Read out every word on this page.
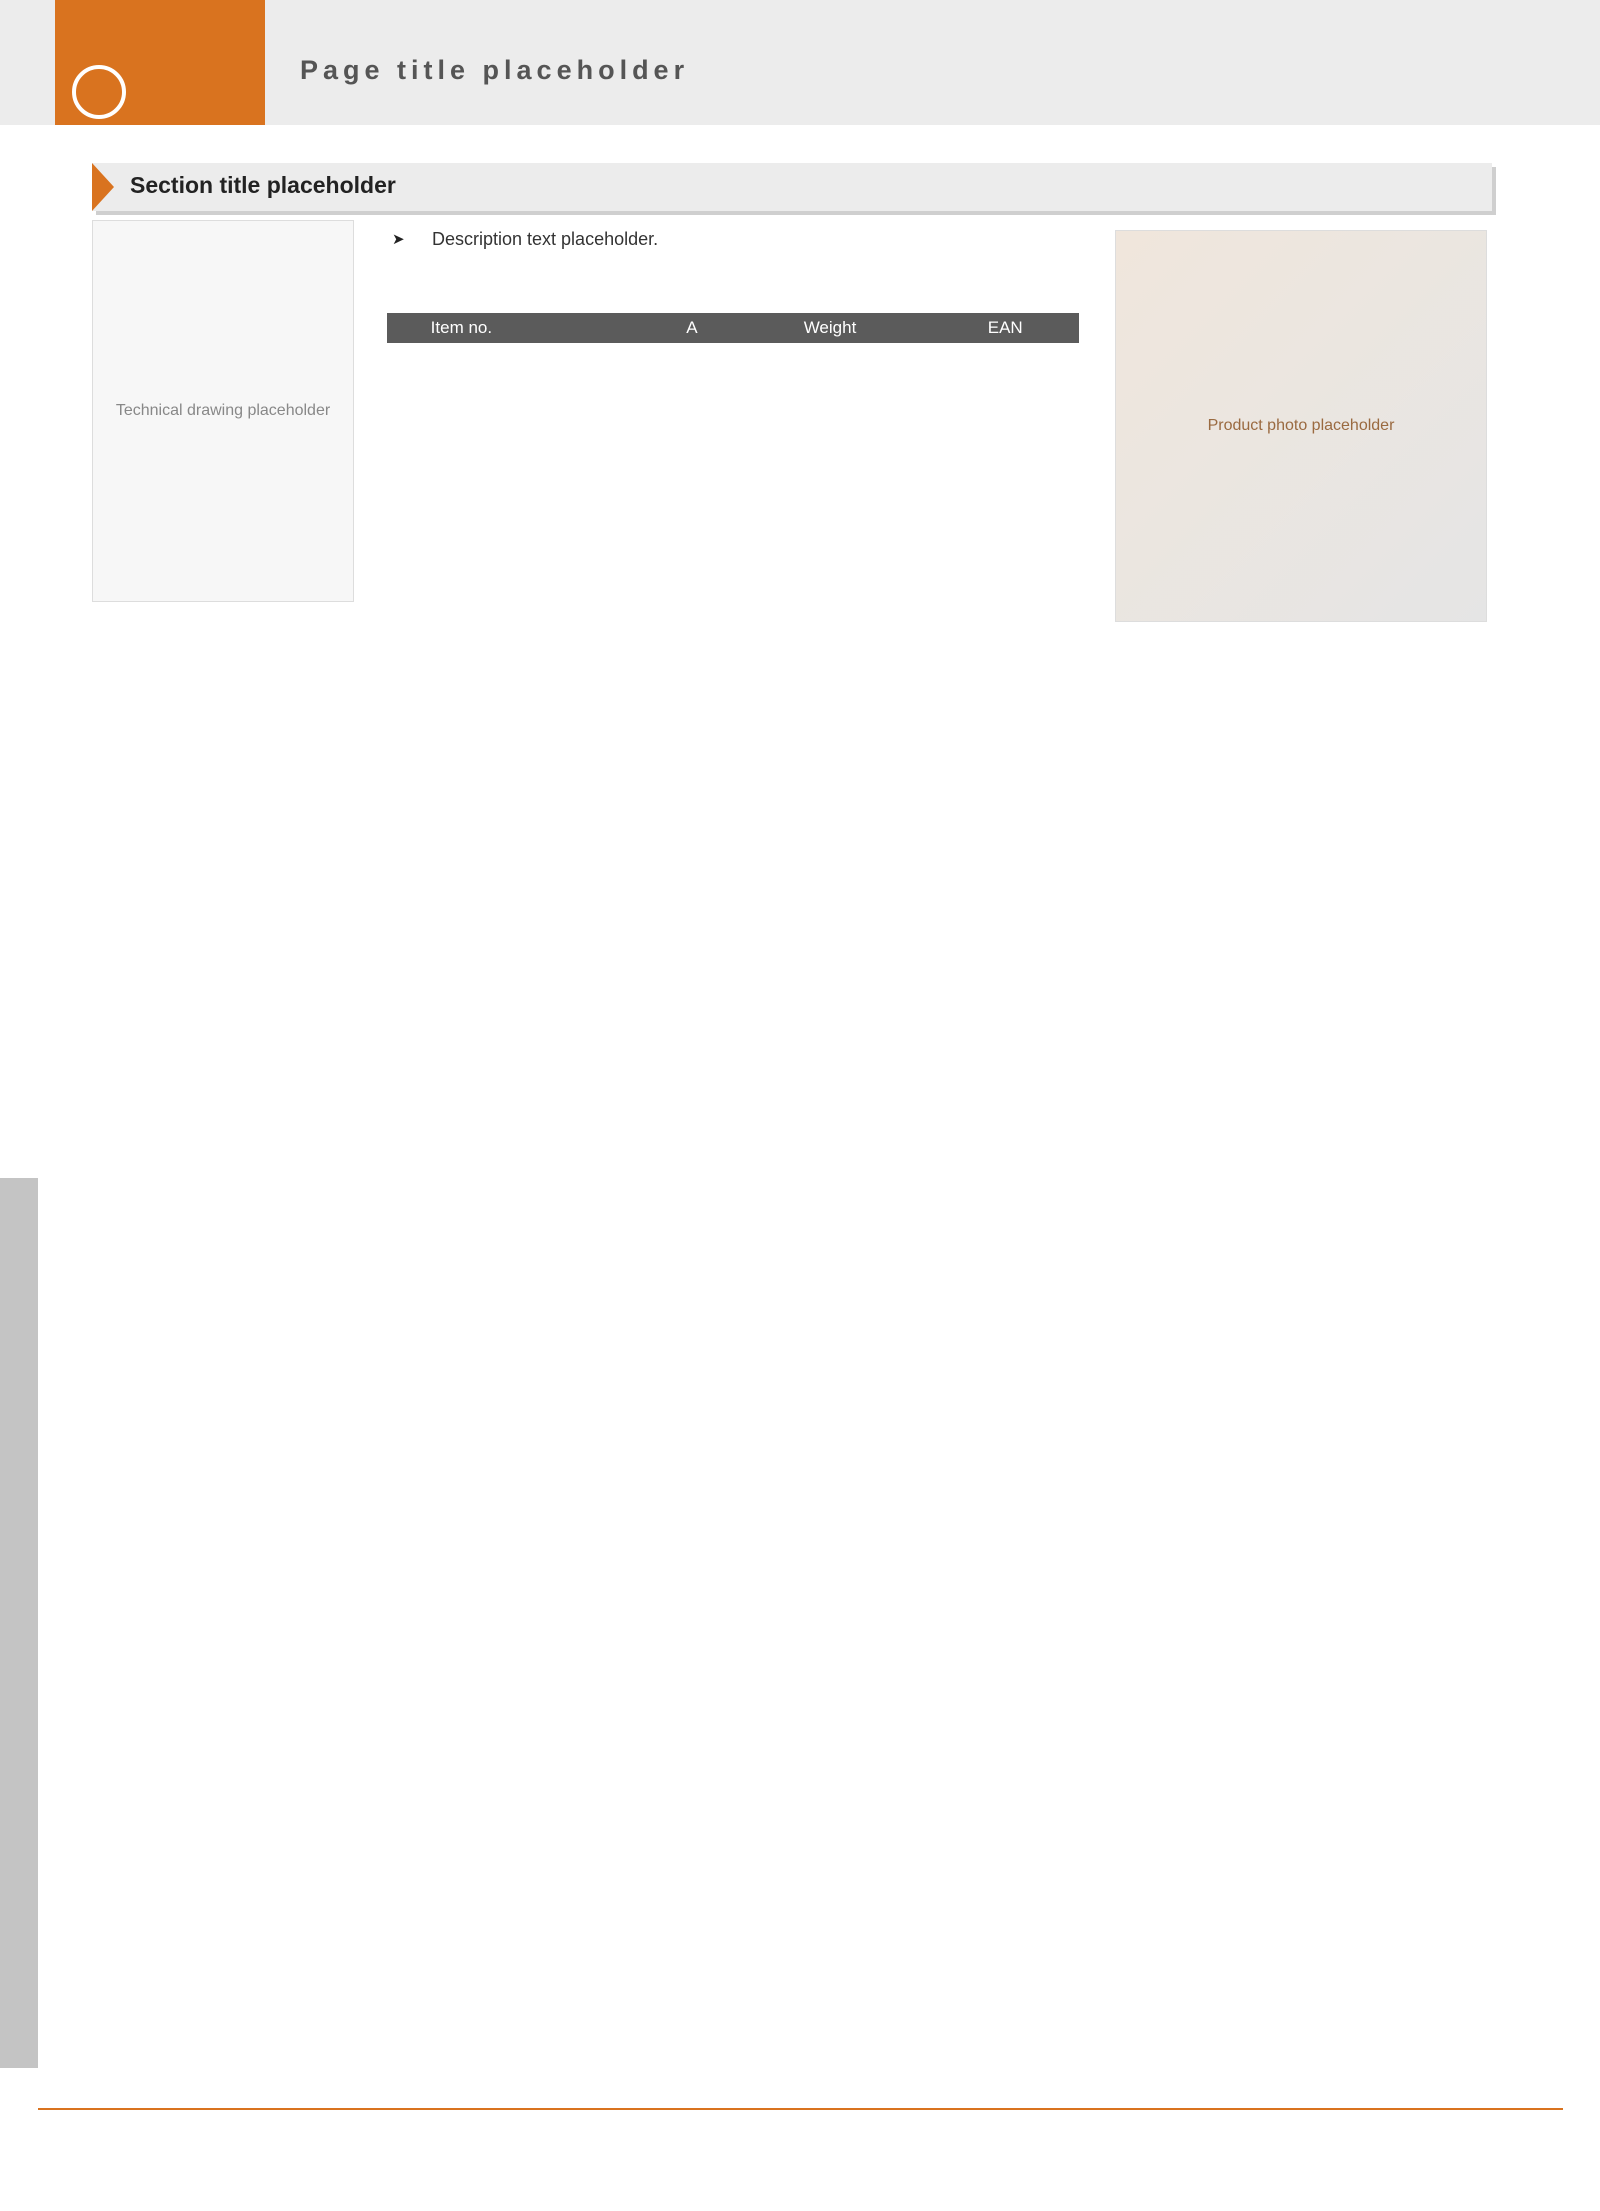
Page title placeholder
Section title placeholder
Technical drawing placeholder
➤ Description text placeholder.
	Item no.	A	Weight	EAN
Product photo placeholder
